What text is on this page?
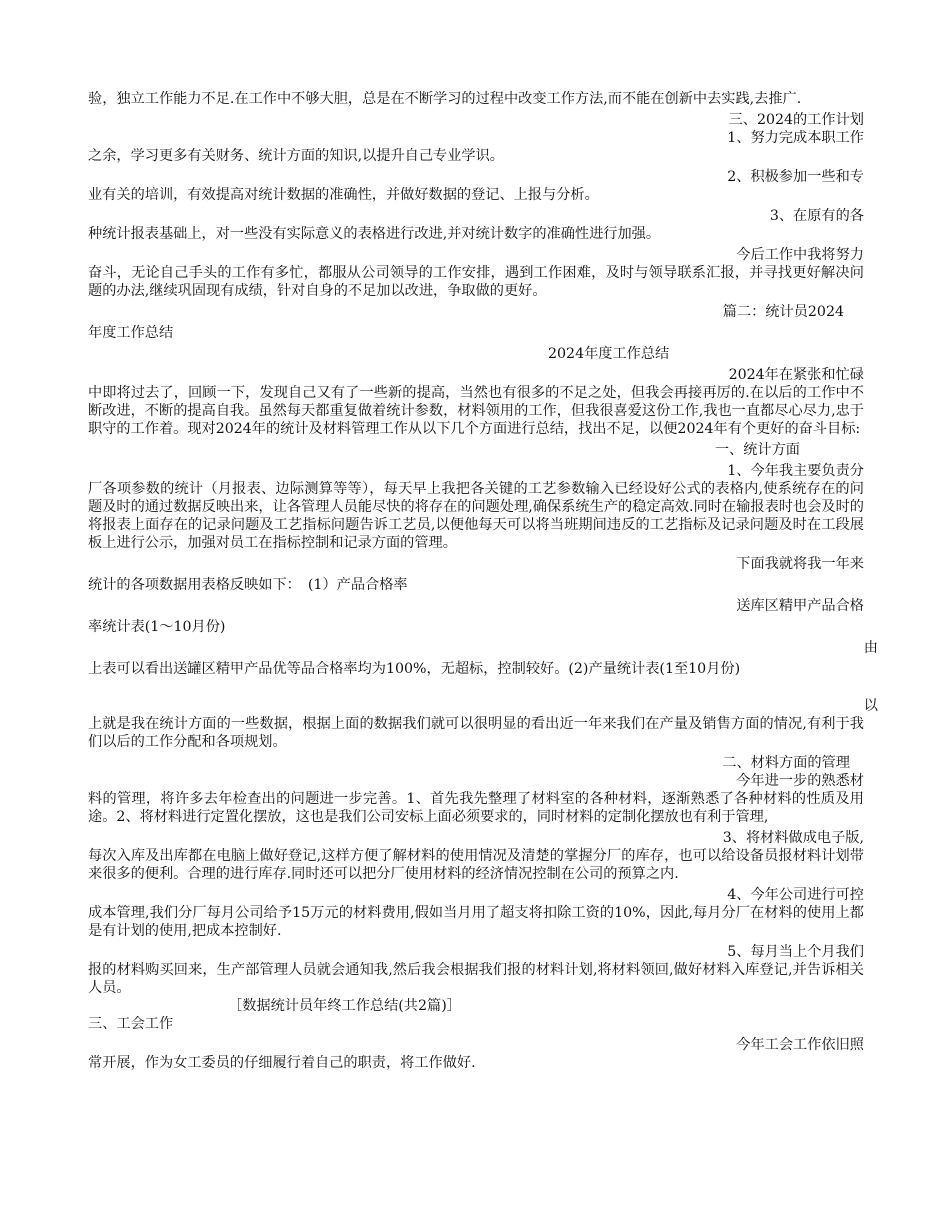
验，独立工作能力不足.在工作中不够大胆，总是在不断学习的过程中改变工作方法,而不能在创新中去实践,去推广.

三、2024的工作计划

1、努力完成本职工作

之余，学习更多有关财务、统计方面的知识,以提升自己专业学识。

2、积极参加一些和专

业有关的培训，有效提高对统计数据的准确性，并做好数据的登记、上报与分析。

3、在原有的各

种统计报表基础上，对一些没有实际意义的表格进行改进,并对统计数字的准确性进行加强。

今后工作中我将努力

奋斗，无论自己手头的工作有多忙，都服从公司领导的工作安排，遇到工作困难，及时与领导联系汇报，并寻找更好解决问题的办法,继续巩固现有成绩，针对自身的不足加以改进，争取做的更好。

篇二：统计员2024

年度工作总结

2024年度工作总结

2024年在紧张和忙碌

中即将过去了，回顾一下，发现自己又有了一些新的提高，当然也有很多的不足之处，但我会再接再厉的.在以后的工作中不断改进，不断的提高自我。虽然每天都重复做着统计参数，材料领用的工作，但我很喜爱这份工作,我也一直都尽心尽力,忠于职守的工作着。现对2024年的统计及材料管理工作从以下几个方面进行总结，找出不足，以便2024年有个更好的奋斗目标:

一、统计方面

1、今年我主要负责分

厂各项参数的统计（月报表、边际测算等等），每天早上我把各关键的工艺参数输入已经设好公式的表格内,使系统存在的问题及时的通过数据反映出来，让各管理人员能尽快的将存在的问题处理,确保系统生产的稳定高效.同时在输报表时也会及时的将报表上面存在的记录问题及工艺指标问题告诉工艺员,以便他每天可以将当班期间违反的工艺指标及记录问题及时在工段展板上进行公示，加强对员工在指标控制和记录方面的管理。

下面我就将我一年来

统计的各项数据用表格反映如下：　(1）产品合格率

送库区精甲产品合格

率统计表(1～10月份)

由

上表可以看出送罐区精甲产品优等品合格率均为100%，无超标，控制较好。(2)产量统计表(1至10月份)

以

上就是我在统计方面的一些数据，根据上面的数据我们就可以很明显的看出近一年来我们在产量及销售方面的情况,有利于我们以后的工作分配和各项规划。

二、材料方面的管理

今年进一步的熟悉材

料的管理，将许多去年检查出的问题进一步完善。1、首先我先整理了材料室的各种材料，逐渐熟悉了各种材料的性质及用途。2、将材料进行定置化摆放，这也是我们公司安标上面必须要求的，同时材料的定制化摆放也有利于管理,

3、将材料做成电子版,

每次入库及出库都在电脑上做好登记,这样方便了解材料的使用情况及清楚的掌握分厂的库存，也可以给设备员报材料计划带来很多的便利。合理的进行库存.同时还可以把分厂使用材料的经济情况控制在公司的预算之内.

4、今年公司进行可控

成本管理,我们分厂每月公司给予15万元的材料费用,假如当月用了超支将扣除工资的10%，因此,每月分厂在材料的使用上都是有计划的使用,把成本控制好.

5、每月当上个月我们

报的材料购买回来，生产部管理人员就会通知我,然后我会根据我们报的材料计划,将材料领回,做好材料入库登记,并告诉相关人员。

［数据统计员年终工作总结(共2篇)］

三、工会工作

今年工会工作依旧照

常开展，作为女工委员的仔细履行着自己的职责，将工作做好.
